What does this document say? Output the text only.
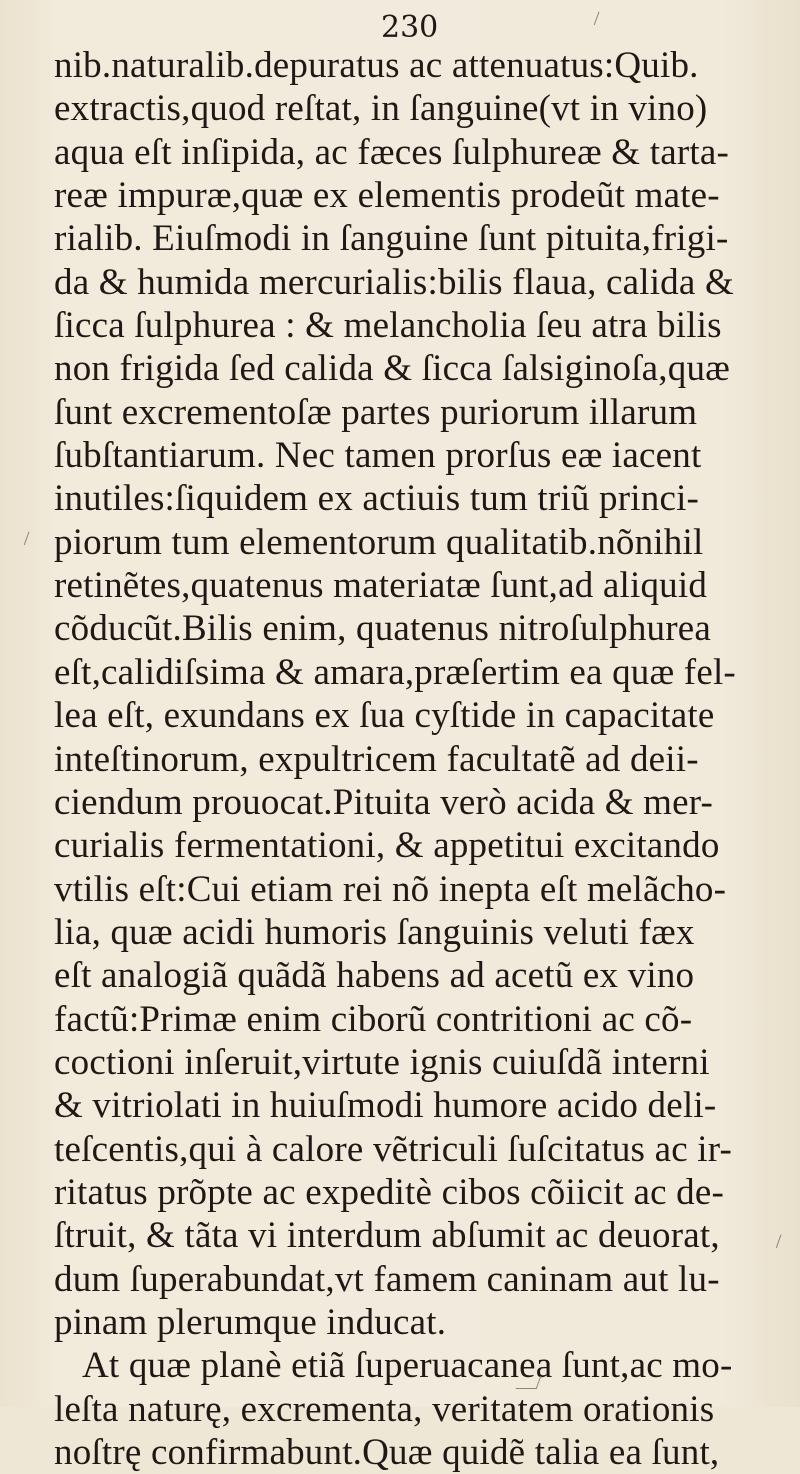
230
nib.naturalib.depuratus ac attenuatus:Quib.
extractis,quod reſtat, in ſanguine(vt in vino)
aqua eſt inſipida, ac fæces ſulphureæ & tarta-
reæ impuræ,quæ ex elementis prodeũt mate-
rialib. Eiuſmodi in ſanguine ſunt pituita,frigi-
da & humida mercurialis:bilis flaua, calida &
ſicca ſulphurea : & melancholia ſeu atra bilis
non frigida ſed calida & ſicca ſalsiginoſa,quæ
ſunt excrementoſæ partes puriorum illarum
ſubſtantiarum. Nec tamen prorſus eæ iacent
inutiles:ſiquidem ex actiuis tum triũ princi-
piorum tum elementorum qualitatib.nõnihil
retinẽtes,quatenus materiatæ ſunt,ad aliquid
cõducũt.Bilis enim, quatenus nitroſulphurea
eſt,calidiſsima & amara,præſertim ea quæ fel-
lea eſt, exundans ex ſua cyſtide in capacitate
inteſtinorum, expultricem facultatẽ ad deii-
ciendum prouocat.Pituita verò acida & mer-
curialis fermentationi, & appetitui excitando
vtilis eſt:Cui etiam rei nõ inepta eſt melãcho-
lia, quæ acidi humoris ſanguinis veluti fæx
eſt analogiã quãdã habens ad acetũ ex vino
factũ:Primæ enim ciborũ contritioni ac cõ-
coctioni inſeruit,virtute ignis cuiuſdã interni
& vitriolati in huiuſmodi humore acido deli-
teſcentis,qui à calore vẽtriculi ſuſcitatus ac ir-
ritatus prõpte ac expeditè cibos cõiicit ac de-
ſtruit, & tãta vi interdum abſumit ac deuorat,
dum ſuperabundat,vt famem caninam aut lu-
pinam plerumque inducat.
At quæ planè etiã ſuperuacanea ſunt,ac mo-
leſta naturę, excrementa, veritatem orationis
noſtrę confirmabunt.Quæ quidẽ talia ea ſunt,
